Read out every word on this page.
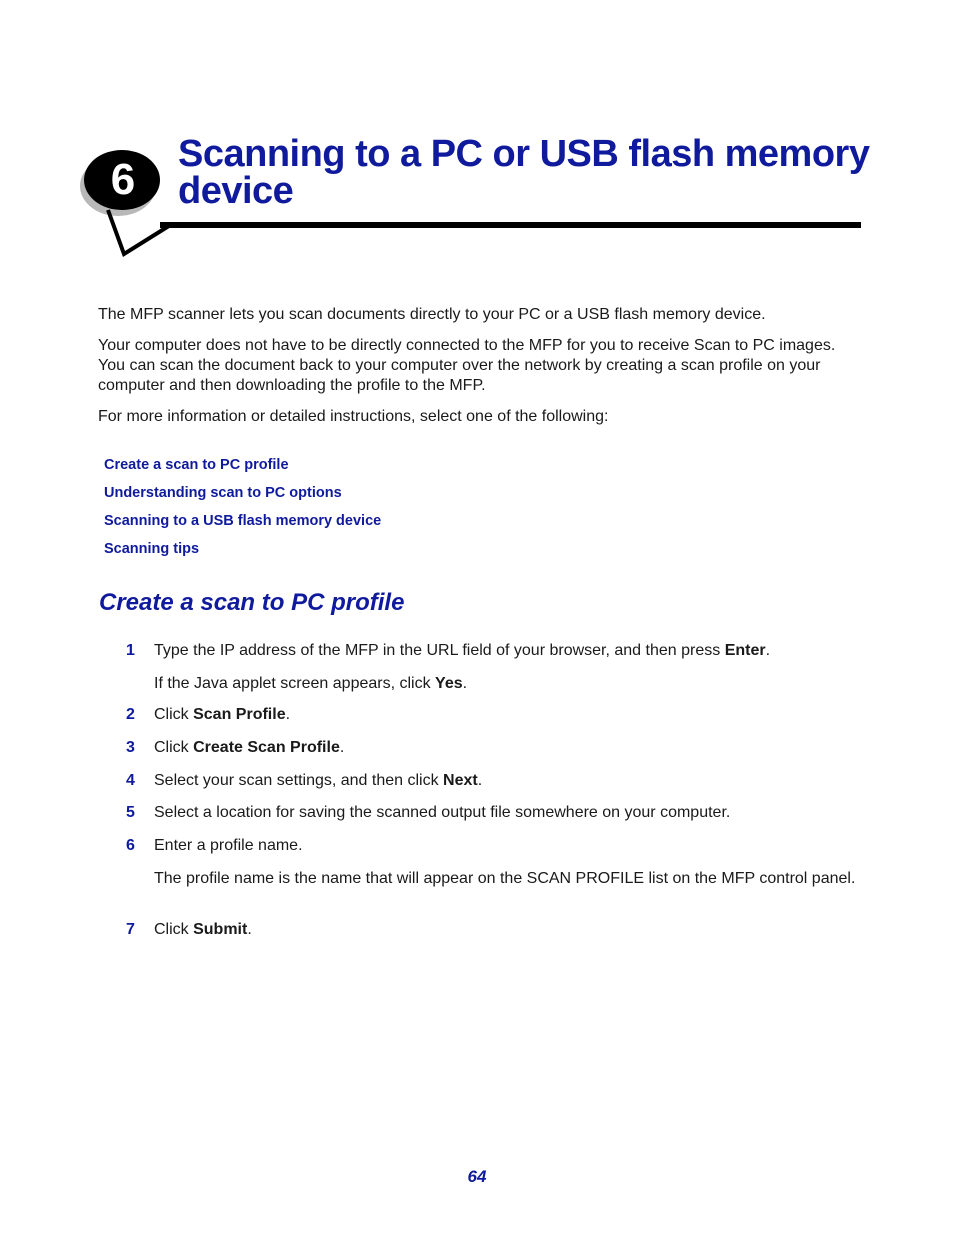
6
Scanning to a PC or USB flash memory device

The MFP scanner lets you scan documents directly to your PC or a USB flash memory device.

Your computer does not have to be directly connected to the MFP for you to receive Scan to PC images. You can scan the document back to your computer over the network by creating a scan profile on your computer and then downloading the profile to the MFP.

For more information or detailed instructions, select one of the following:

Create a scan to PC profile
Understanding scan to PC options
Scanning to a USB flash memory device
Scanning tips
Create a scan to PC profile
1	Type the IP address of the MFP in the URL field of your browser, and then press Enter.

If the Java applet screen appears, click Yes.

2	Click Scan Profile.

3	Click Create Scan Profile.

4	Select your scan settings, and then click Next.

5	Select a location for saving the scanned output file somewhere on your computer.

6	Enter a profile name.

The profile name is the name that will appear on the SCAN PROFILE list on the MFP control panel.

7	Click Submit.

64
